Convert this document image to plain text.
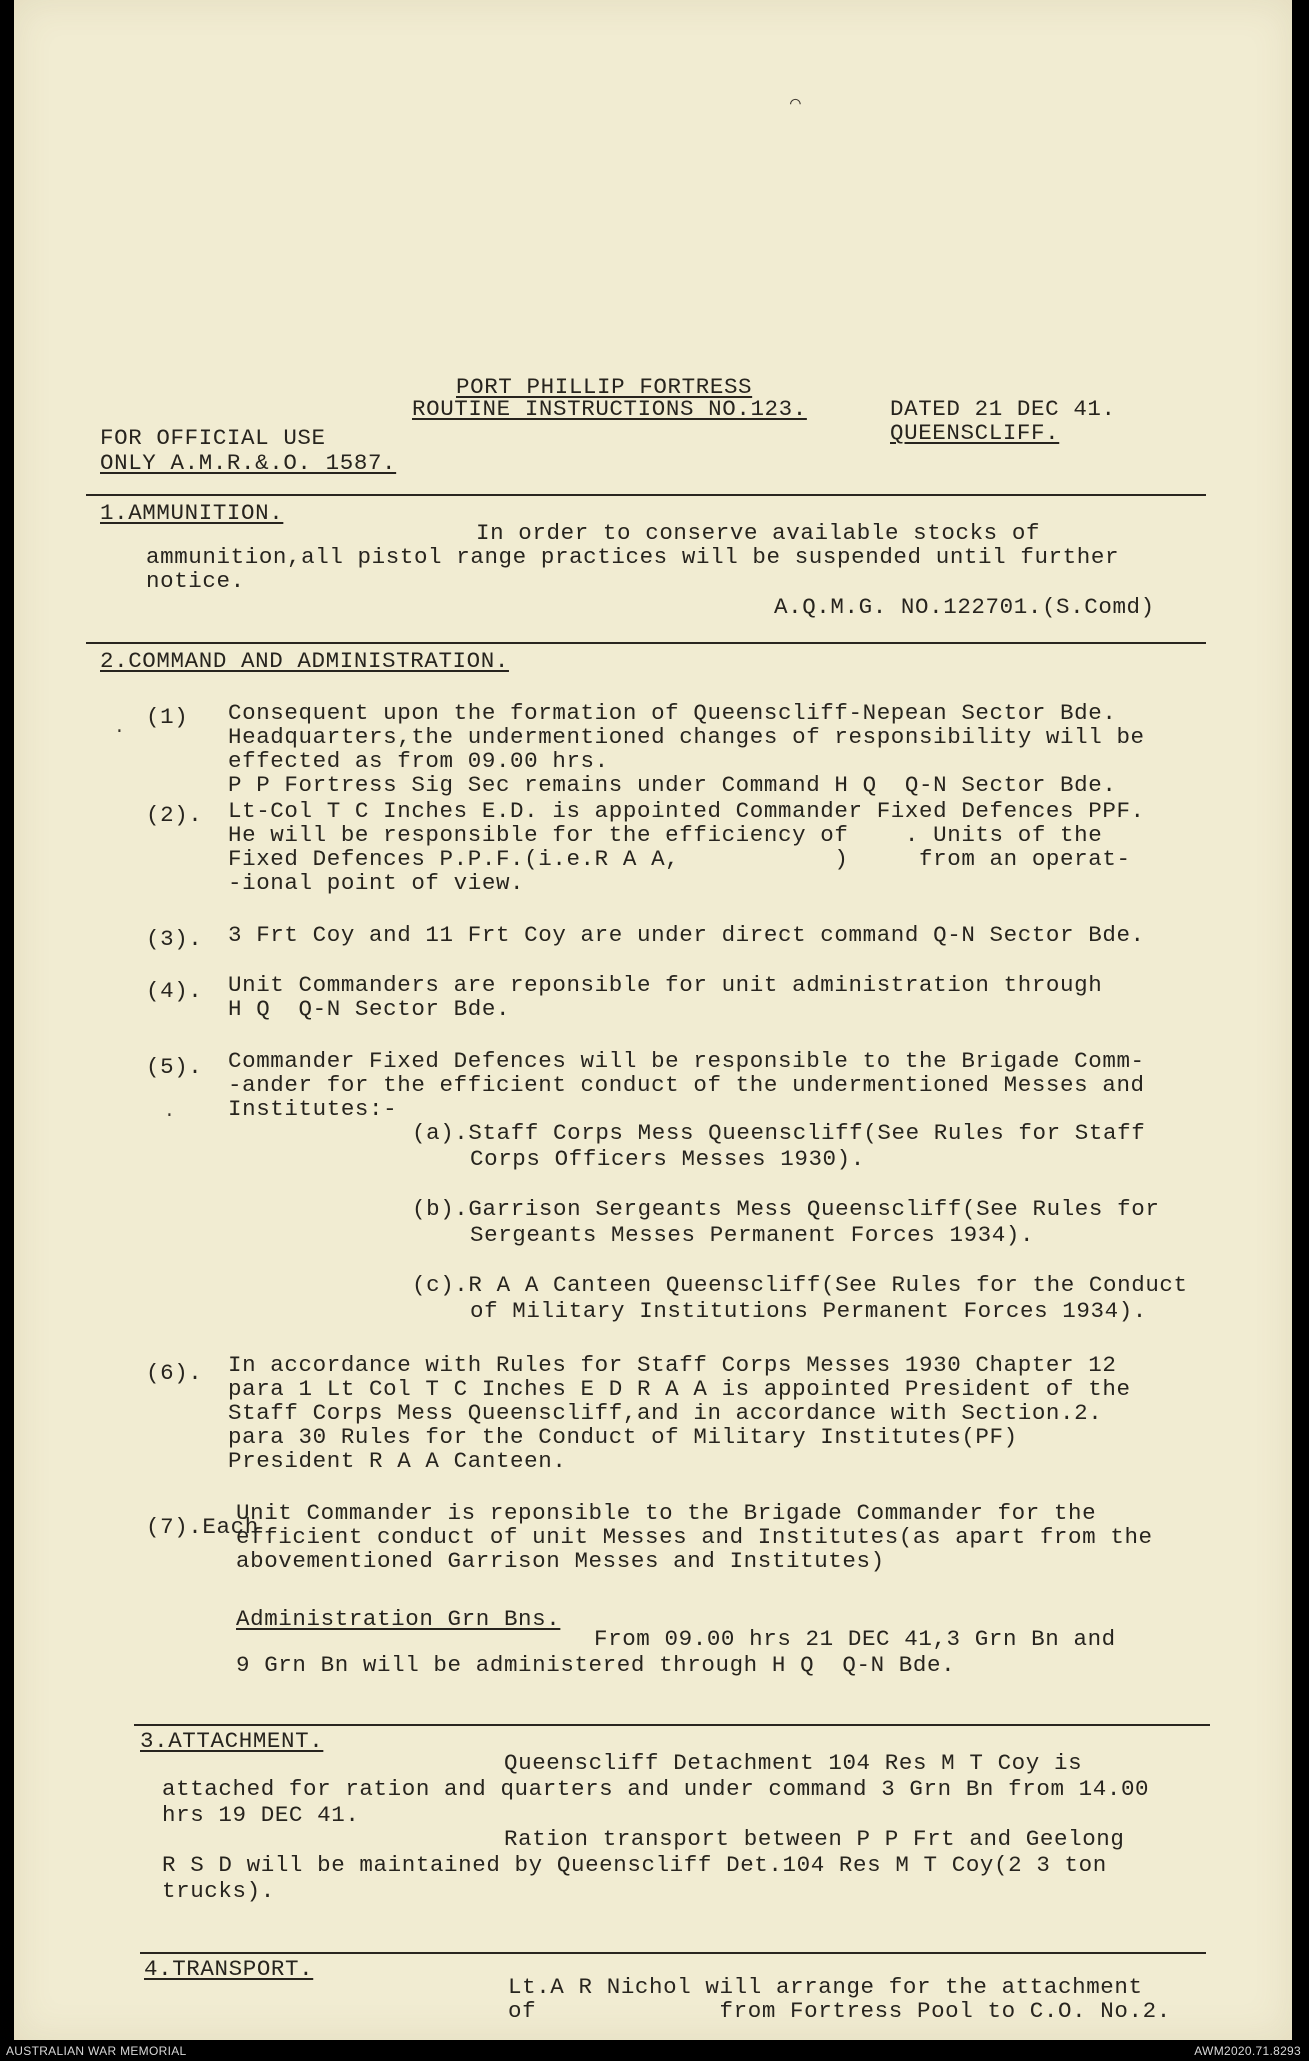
PORT PHILLIP FORTRESS
ROUTINE INSTRUCTIONS NO.123.	DATED 21 DEC 41.
QUEENSCLIFF.
FOR OFFICIAL USE
ONLY A.M.R.&.O. 1587.
1.AMMUNITION.
In order to conserve available stocks of
ammunition,all pistol range practices will be suspended until further
notice.
A.Q.M.G. NO.122701.(S.Comd)
2.COMMAND AND ADMINISTRATION.
(1) Consequent upon the formation of Queenscliff-Nepean Sector Bde.
Headquarters,the undermentioned changes of responsibility will be
effected as from 09.00 hrs.
P P Fortress Sig Sec remains under Command H Q  Q-N Sector Bde.
(2). Lt-Col T C Inches E.D. is appointed Commander Fixed Defences PPF.
He will be responsible for the efficiency of    . Units of the
Fixed Defences P.P.F.(i.e.R A A,           )     from an operat-
-ional point of view.
(3). 3 Frt Coy and 11 Frt Coy are under direct command Q-N Sector Bde.
(4). Unit Commanders are reponsible for unit administration through
H Q  Q-N Sector Bde.
(5). Commander Fixed Defences will be responsible to the Brigade Comm-
-ander for the efficient conduct of the undermentioned Messes and
Institutes:-
(a).Staff Corps Mess Queenscliff(See Rules for Staff
Corps Officers Messes 1930).
(b).Garrison Sergeants Mess Queenscliff(See Rules for
Sergeants Messes Permanent Forces 1934).
(c).R A A Canteen Queenscliff(See Rules for the Conduct
of Military Institutions Permanent Forces 1934).
(6). In accordance with Rules for Staff Corps Messes 1930 Chapter 12
para 1 Lt Col T C Inches E D R A A is appointed President of the
Staff Corps Mess Queenscliff,and in accordance with Section.2.
para 30 Rules for the Conduct of Military Institutes(PF)
President R A A Canteen.
(7).Each
Unit Commander is reponsible to the Brigade Commander for the
efficient conduct of unit Messes and Institutes(as apart from the
abovementioned Garrison Messes and Institutes)
Administration Grn Bns.
From 09.00 hrs 21 DEC 41,3 Grn Bn and
9 Grn Bn will be administered through H Q  Q-N Bde.
3.ATTACHMENT.
Queenscliff Detachment 104 Res M T Coy is
attached for ration and quarters and under command 3 Grn Bn from 14.00
hrs 19 DEC 41.
Ration transport between P P Frt and Geelong
R S D will be maintained by Queenscliff Det.104 Res M T Coy(2 3 ton
trucks).
4.TRANSPORT.
Lt.A R Nichol will arrange for the attachment
of             from Fortress Pool to C.O. No.2.
⌒
·
·
AUSTRALIAN WAR MEMORIAL	AWM2020.71.8293
